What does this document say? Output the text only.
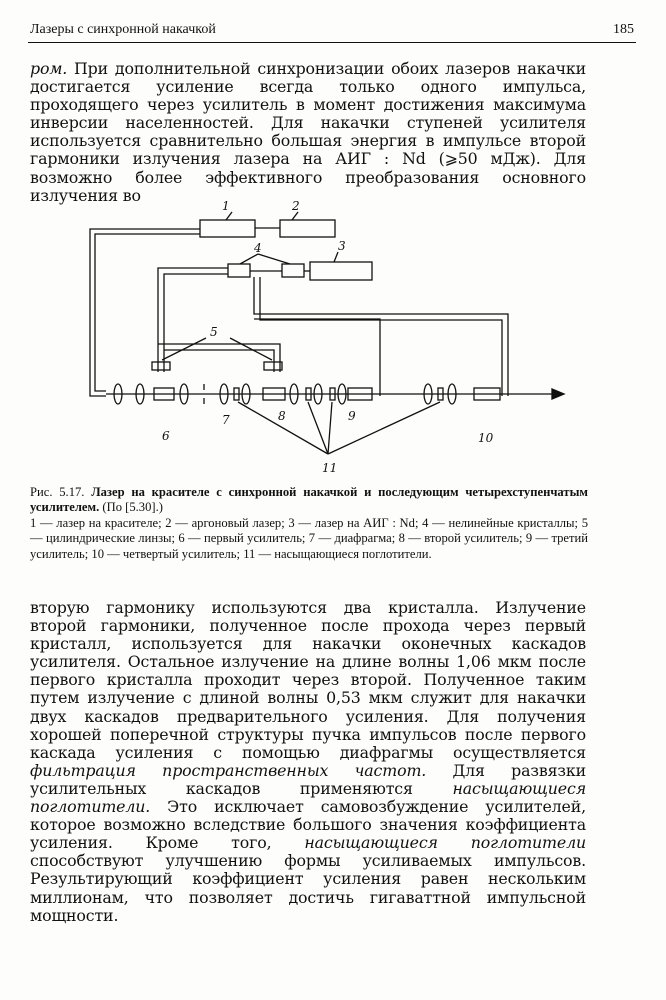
Лазеры с синхронной накачкой	185

ром. При дополнительной синхронизации обоих лазеров накачки достигается усиление всегда только одного импульса, проходящего через усилитель в момент достижения максимума инверсии населенностей. Для накачки ступеней усилителя используется сравнительно большая энергия в импульсе второй гармоники излучения лазера на АИГ : Nd (⩾50 мДж). Для возможно более эффективного преобразования основного излучения во

1	2
3
4
5
6
7	8	9
10
11

Рис. 5.17. Лазер на красителе с синхронной накачкой и последующим четырехступенчатым усилителем. (По [5.30].)
1 — лазер на красителе; 2 — аргоновый лазер; 3 — лазер на АИГ : Nd; 4 — нелинейные кристаллы; 5 — цилиндрические линзы; 6 — первый усилитель; 7 — диафрагма; 8 — второй усилитель; 9 — третий усилитель; 10 — четвертый усилитель; 11 — насыщающиеся поглотители.

вторую гармонику используются два кристалла. Излучение второй гармоники, полученное после прохода через первый кристалл, используется для накачки оконечных каскадов усилителя. Остальное излучение на длине волны 1,06 мкм после первого кристалла проходит через второй. Полученное таким путем излучение с длиной волны 0,53 мкм служит для накачки двух каскадов предварительного усиления. Для получения хорошей поперечной структуры пучка импульсов после первого каскада усиления с помощью диафрагмы осуществляется фильтрация пространственных частот. Для развязки усилительных каскадов применяются насыщающиеся поглотители. Это исключает самовозбуждение усилителей, которое возможно вследствие большого значения коэффициента усиления. Кроме того, насыщающиеся поглотители способствуют улучшению формы усиливаемых импульсов. Результирующий коэффициент усиления равен нескольким миллионам, что позволяет достичь гигаваттной импульсной мощности.
